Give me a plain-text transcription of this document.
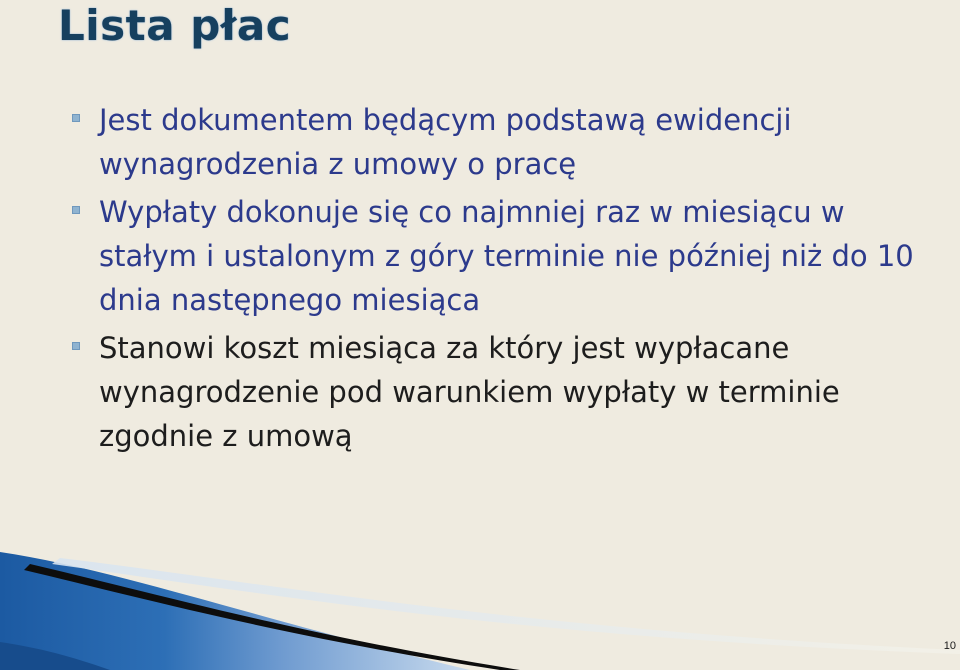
Lista płac
Jest dokumentem będącym podstawą ewidencji wynagrodzenia z umowy o pracę
Wypłaty dokonuje się co najmniej raz w miesiącu w stałym i ustalonym z góry terminie nie później niż do 10 dnia następnego miesiąca
Stanowi koszt miesiąca za który jest wypłacane wynagrodzenie pod warunkiem wypłaty w terminie zgodnie z umową
10
